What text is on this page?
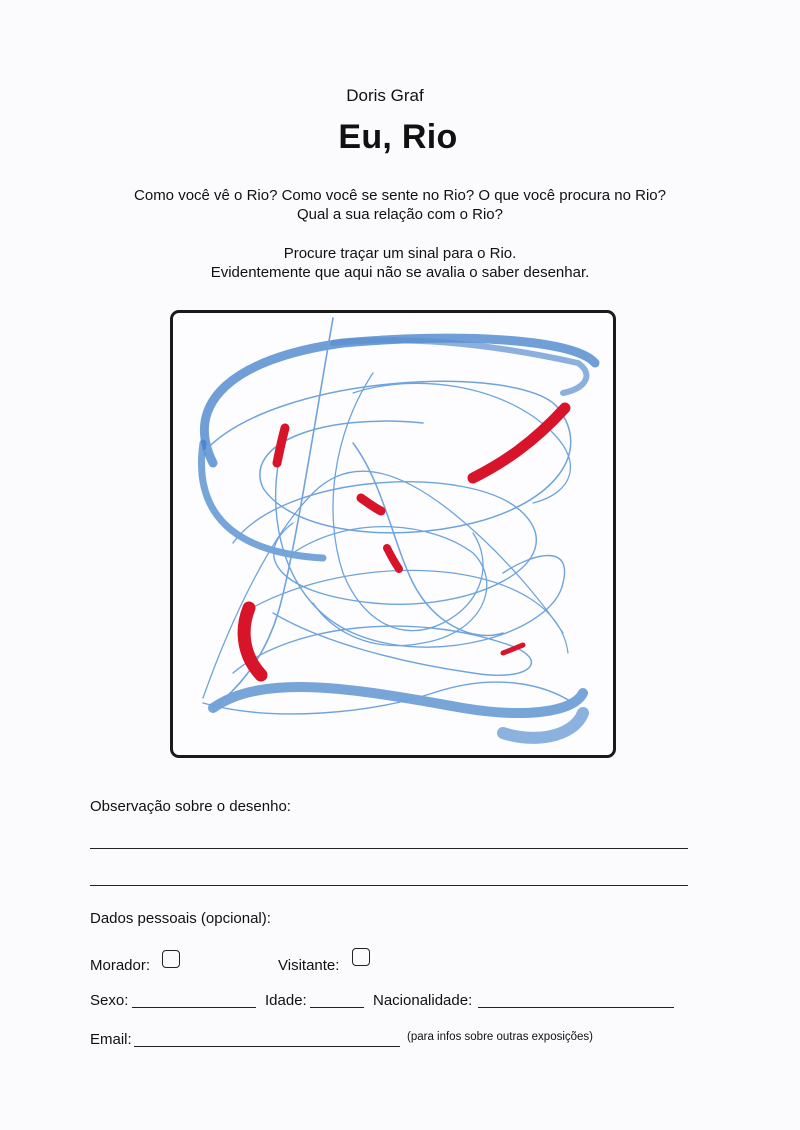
Doris Graf
Eu, Rio
Como você vê o Rio? Como você se sente no Rio? O que você procura no Rio?
Qual a sua relação com o Rio?
Procure traçar um sinal para o Rio.
Evidentemente que aqui não se avalia o saber desenhar.
Observação sobre o desenho:
Dados pessoais (opcional):
Morador:	Visitante:
Sexo:	Idade:	Nacionalidade:
Email:	(para infos sobre outras exposições)
